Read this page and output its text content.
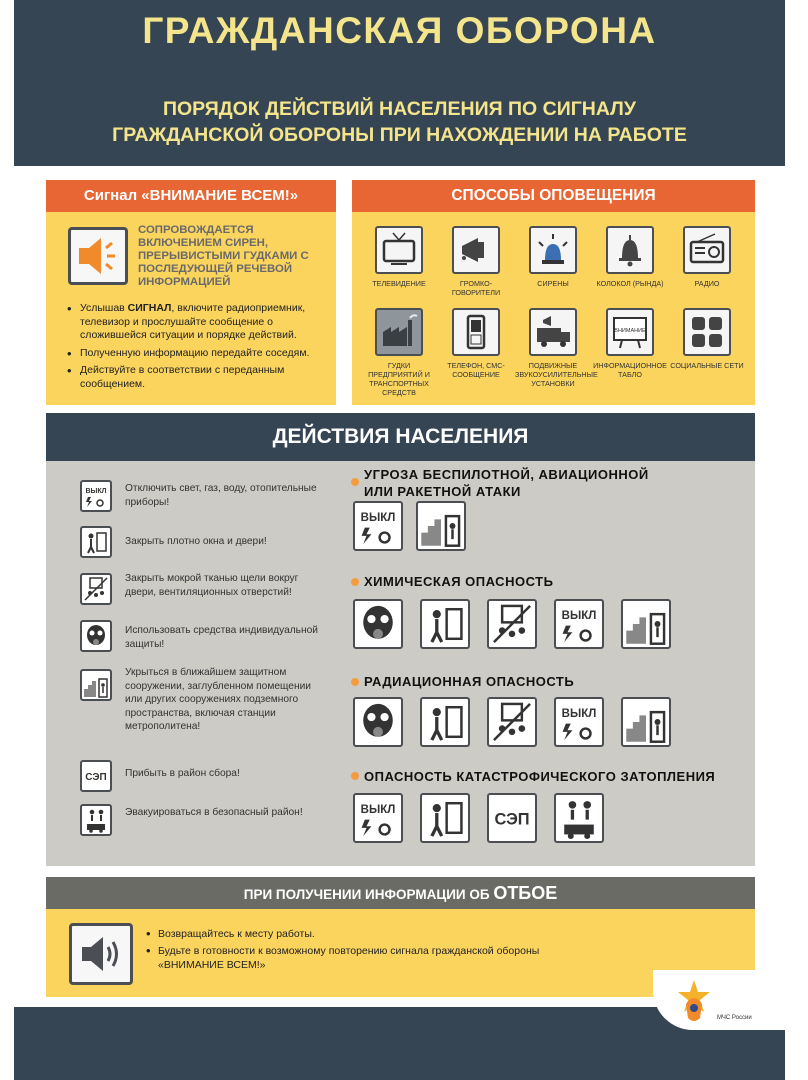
ГРАЖДАНСКАЯ ОБОРОНА
ПОРЯДОК ДЕЙСТВИЙ НАСЕЛЕНИЯ ПО СИГНАЛУ
ГРАЖДАНСКОЙ ОБОРОНЫ ПРИ НАХОЖДЕНИИ НА РАБОТЕ
Сигнал «ВНИМАНИЕ ВСЕМ!»
СОПРОВОЖДАЕТСЯ ВКЛЮЧЕНИЕМ СИРЕН, ПРЕРЫВИСТЫМИ ГУДКАМИ С ПОСЛЕДУЮЩЕЙ РЕЧЕВОЙ ИНФОРМАЦИЕЙ
• Услышав СИГНАЛ, включите радиоприемник, телевизор и прослушайте сообщение о сложившейся ситуации и порядке действий.
• Полученную информацию передайте соседям.
• Действуйте в соответствии с переданным сообщением.
СПОСОБЫ ОПОВЕЩЕНИЯ
ТЕЛЕВИДЕНИЕ	ГРОМКО-ГОВОРИТЕЛИ
СИРЕНЫ	КОЛОКОЛ (РЫНДА)	РАДИО
ГУДКИ ПРЕДПРИЯТИЙ И ТРАНСПОРТНЫХ СРЕДСТВ
ТЕЛЕФОН, СМС-СООБЩЕНИЕ
ПОДВИЖНЫЕ ЗВУКОУСИЛИТЕЛЬНЫЕ УСТАНОВКИ
ВНИМАНИЕ
ИНФОРМАЦИОННОЕ ТАБЛО
СОЦИАЛЬНЫЕ СЕТИ
ДЕЙСТВИЯ НАСЕЛЕНИЯ
ВЫКЛ Отключить свет, газ, воду, отопительные приборы!
Закрыть плотно окна и двери!
Закрыть мокрой тканью щели вокруг двери, вентиляционных отверстий!
Использовать средства индивидуальной защиты!
Укрыться в ближайшем защитном сооружении, заглубленном помещении или других сооружениях подземного пространства, включая станции метрополитена!
СЭП Прибыть в район сбора!
Эвакуироваться в безопасный район!
УГРОЗА БЕСПИЛОТНОЙ, АВИАЦИОННОЙ
ИЛИ РАКЕТНОЙ АТАКИ
ВЫКЛ
ХИМИЧЕСКАЯ ОПАСНОСТЬ
ВЫКЛ
РАДИАЦИОННАЯ ОПАСНОСТЬ
ВЫКЛ
ОПАСНОСТЬ КАТАСТРОФИЧЕСКОГО ЗАТОПЛЕНИЯ
ВЫКЛ
СЭП
ПРИ ПОЛУЧЕНИИ ИНФОРМАЦИИ ОБ ОТБОЕ
• Возвращайтесь к месту работы.
• Будьте в готовности к возможному повторению сигнала гражданской обороны «ВНИМАНИЕ ВСЕМ!»
МЧС России
